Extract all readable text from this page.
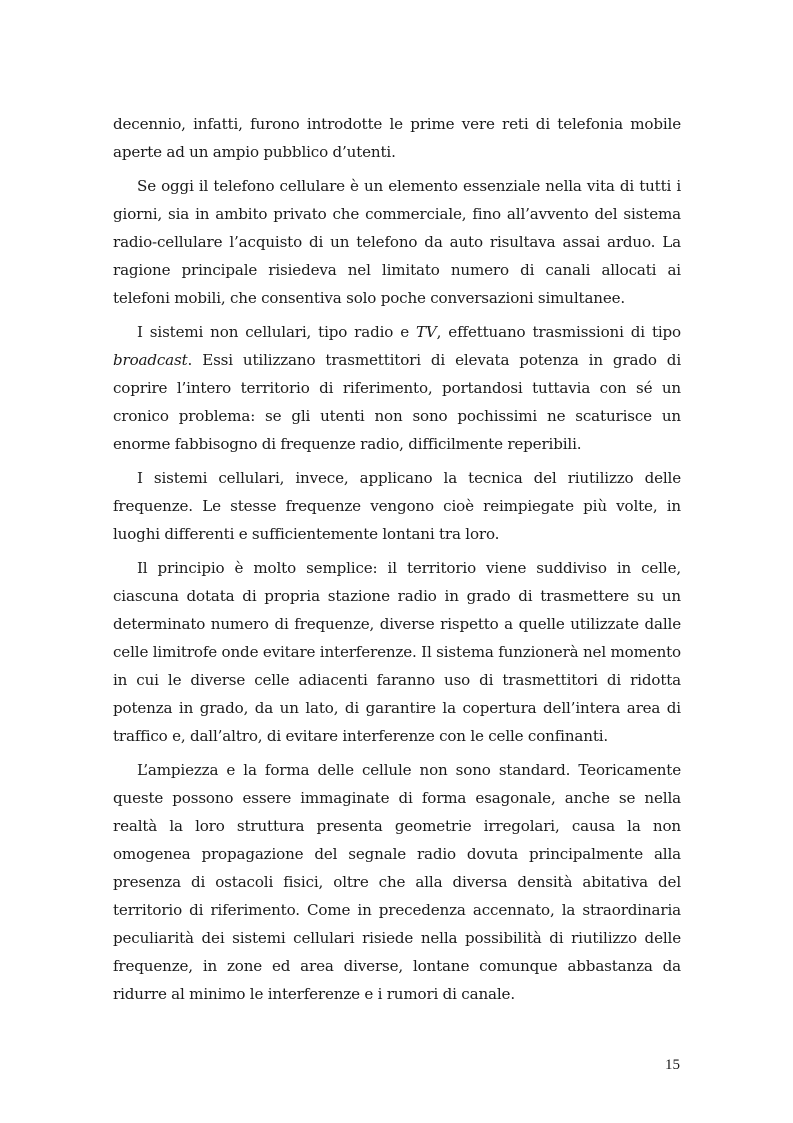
decennio, infatti, furono introdotte le prime vere reti di telefonia mobile aperte ad un ampio pubblico d’utenti.

Se oggi il telefono cellulare è un elemento essenziale nella vita di tutti i giorni, sia in ambito privato che commerciale, fino all’avvento del sistema radio-cellulare l’acquisto di un telefono da auto risultava assai arduo. La ragione principale risiedeva nel limitato numero di canali allocati ai telefoni mobili, che consentiva solo poche conversazioni simultanee.

I sistemi non cellulari, tipo radio e TV, effettuano trasmissioni di tipo broadcast. Essi utilizzano trasmettitori di elevata potenza in grado di coprire l’intero territorio di riferimento, portandosi tuttavia con sé un cronico problema: se gli utenti non sono pochissimi ne scaturisce un enorme fabbisogno di frequenze radio, difficilmente reperibili.

I sistemi cellulari, invece, applicano la tecnica del riutilizzo delle frequenze. Le stesse frequenze vengono cioè reimpiegate più volte, in luoghi differenti e sufficientemente lontani tra loro.

Il principio è molto semplice: il territorio viene suddiviso in celle, ciascuna dotata di propria stazione radio in grado di trasmettere su un determinato numero di frequenze, diverse rispetto a quelle utilizzate dalle celle limitrofe onde evitare interferenze. Il sistema funzionerà nel momento in cui le diverse celle adiacenti faranno uso di trasmettitori di ridotta potenza in grado, da un lato, di garantire la copertura dell’intera area di traffico e, dall’altro, di evitare interferenze con le celle confinanti.

L’ampiezza e la forma delle cellule non sono standard. Teoricamente queste possono essere immaginate di forma esagonale, anche se nella realtà la loro struttura presenta geometrie irregolari, causa la non omogenea propagazione del segnale radio dovuta principalmente alla presenza di ostacoli fisici, oltre che alla diversa densità abitativa del territorio di riferimento. Come in precedenza accennato, la straordinaria peculiarità dei sistemi cellulari risiede nella possibilità di riutilizzo delle frequenze, in zone ed area diverse, lontane comunque abbastanza da ridurre al minimo le interferenze e i rumori di canale.

15
